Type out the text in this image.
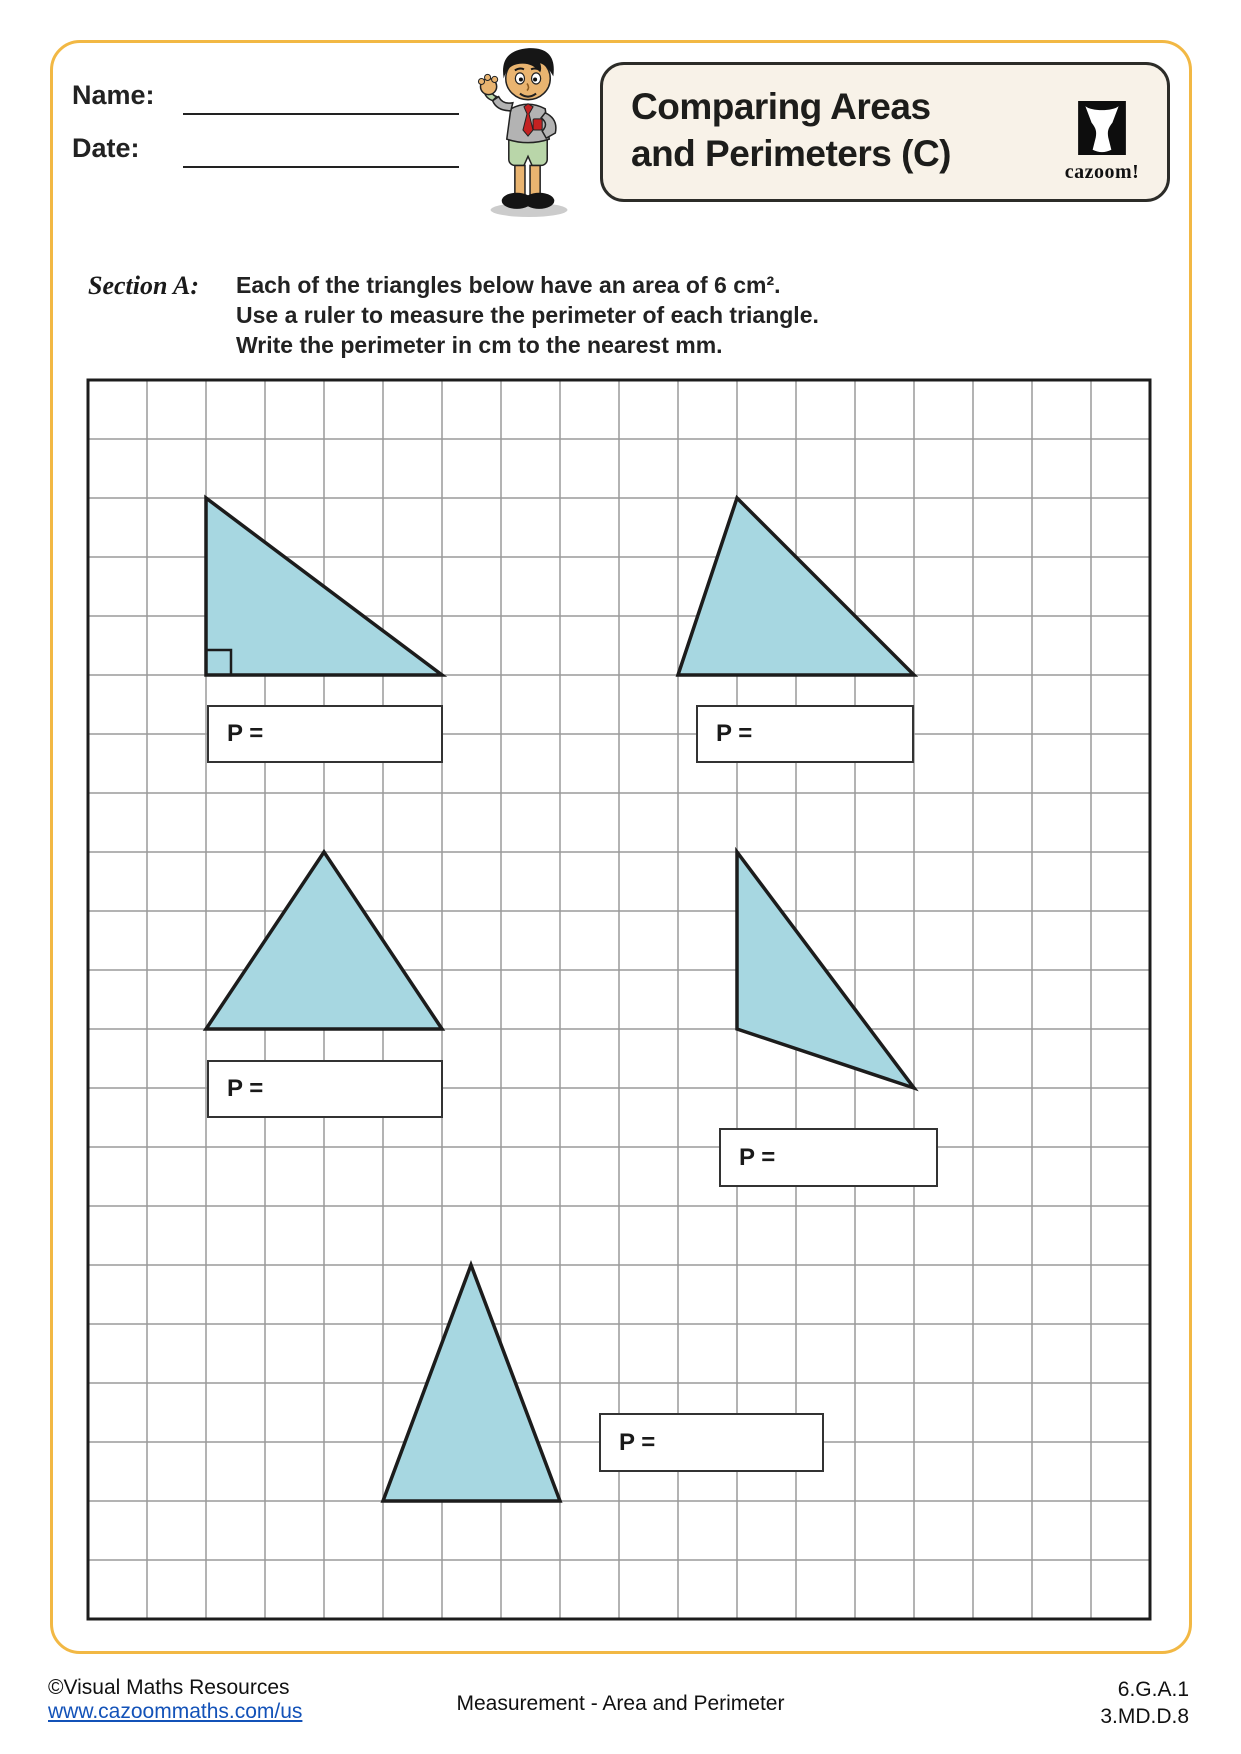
Name:
Date:
Comparing Areas
and Perimeters (C)	cazoom!
Section A: Each of the triangles below have an area of 6 cm².
Use a ruler to measure the perimeter of each triangle.
Write the perimeter in cm to the nearest mm.
P =	P =
P =
P =
P =
©Visual Maths Resources
www.cazoommaths.com/us	Measurement - Area and Perimeter
6.G.A.1
3.MD.D.8
